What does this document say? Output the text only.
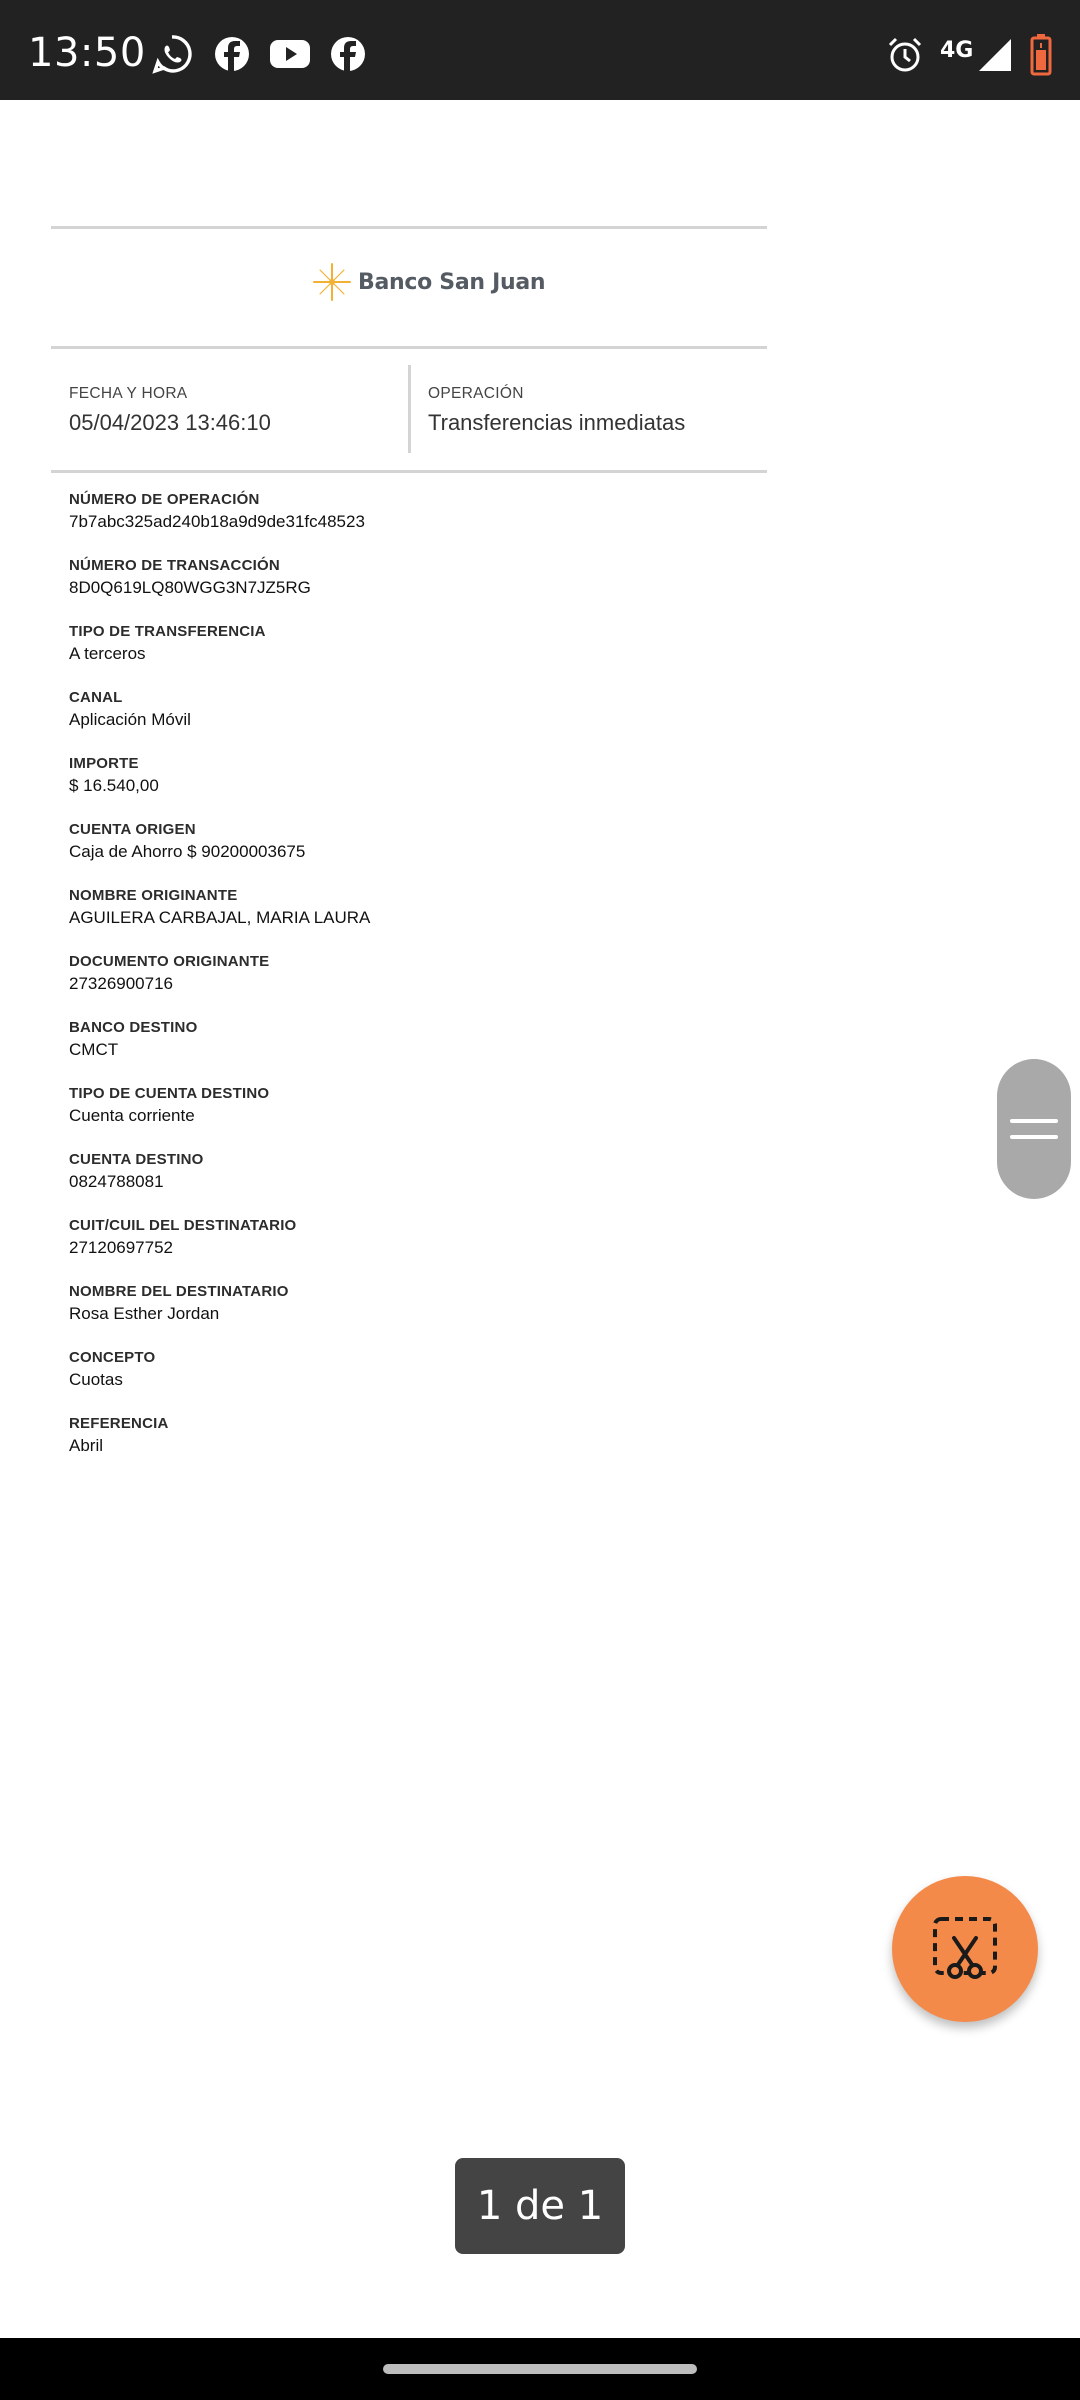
13:50	4G
Banco San Juan
FECHA Y HORA
05/04/2023 13:46:10
OPERACIÓN
Transferencias inmediatas
NÚMERO DE OPERACIÓN
7b7abc325ad240b18a9d9de31fc48523
NÚMERO DE TRANSACCIÓN
8D0Q619LQ80WGG3N7JZ5RG
TIPO DE TRANSFERENCIA
A terceros
CANAL
Aplicación Móvil
IMPORTE
$ 16.540,00
CUENTA ORIGEN
Caja de Ahorro $ 90200003675
NOMBRE ORIGINANTE
AGUILERA CARBAJAL, MARIA LAURA
DOCUMENTO ORIGINANTE
27326900716
BANCO DESTINO
CMCT
TIPO DE CUENTA DESTINO
Cuenta corriente
CUENTA DESTINO
0824788081
CUIT/CUIL DEL DESTINATARIO
27120697752
NOMBRE DEL DESTINATARIO
Rosa Esther Jordan
CONCEPTO
Cuotas
REFERENCIA
Abril
1 de 1
